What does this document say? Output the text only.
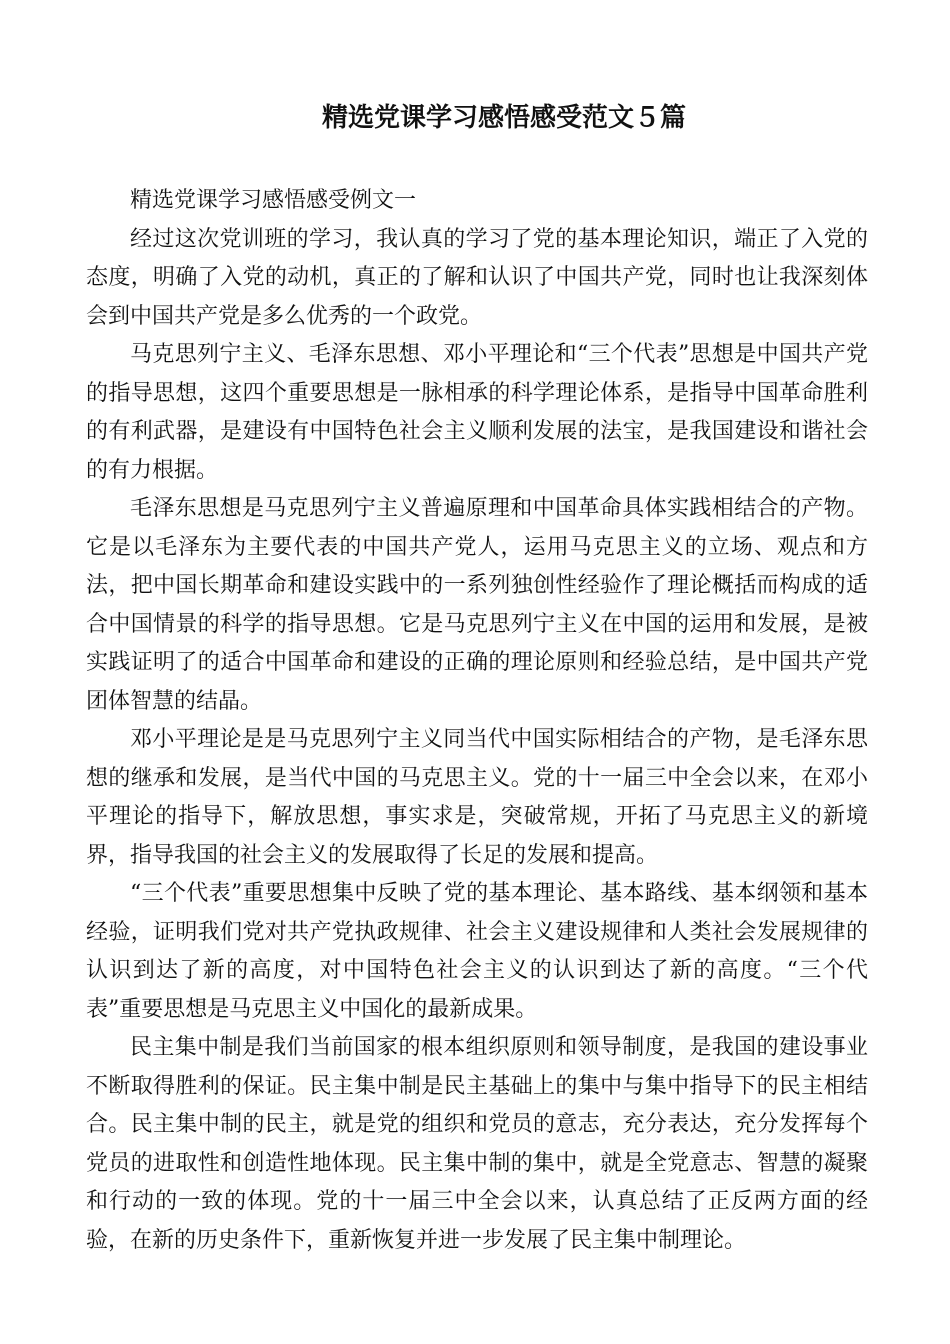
精选党课学习感悟感受范文５篇

精选党课学习感悟感受例文一

经过这次党训班的学习，我认真的学习了党的基本理论知识，端正了入党的态度，明确了入党的动机，真正的了解和认识了中国共产党，同时也让我深刻体会到中国共产党是多么优秀的一个政党。

马克思列宁主义、毛泽东思想、邓小平理论和“三个代表”思想是中国共产党的指导思想，这四个重要思想是一脉相承的科学理论体系，是指导中国革命胜利的有利武器，是建设有中国特色社会主义顺利发展的法宝，是我国建设和谐社会的有力根据。

毛泽东思想是马克思列宁主义普遍原理和中国革命具体实践相结合的产物。它是以毛泽东为主要代表的中国共产党人，运用马克思主义的立场、观点和方法，把中国长期革命和建设实践中的一系列独创性经验作了理论概括而构成的适合中国情景的科学的指导思想。它是马克思列宁主义在中国的运用和发展，是被实践证明了的适合中国革命和建设的正确的理论原则和经验总结，是中国共产党团体智慧的结晶。

邓小平理论是是马克思列宁主义同当代中国实际相结合的产物，是毛泽东思想的继承和发展，是当代中国的马克思主义。党的十一届三中全会以来，在邓小平理论的指导下，解放思想，事实求是，突破常规，开拓了马克思主义的新境界，指导我国的社会主义的发展取得了长足的发展和提高。

“三个代表”重要思想集中反映了党的基本理论、基本路线、基本纲领和基本经验，证明我们党对共产党执政规律、社会主义建设规律和人类社会发展规律的认识到达了新的高度，对中国特色社会主义的认识到达了新的高度。“三个代表”重要思想是马克思主义中国化的最新成果。

民主集中制是我们当前国家的根本组织原则和领导制度，是我国的建设事业不断取得胜利的保证。民主集中制是民主基础上的集中与集中指导下的民主相结合。民主集中制的民主，就是党的组织和党员的意志，充分表达，充分发挥每个党员的进取性和创造性地体现。民主集中制的集中，就是全党意志、智慧的凝聚和行动的一致的体现。党的十一届三中全会以来，认真总结了正反两方面的经验，在新的历史条件下，重新恢复并进一步发展了民主集中制理论。
